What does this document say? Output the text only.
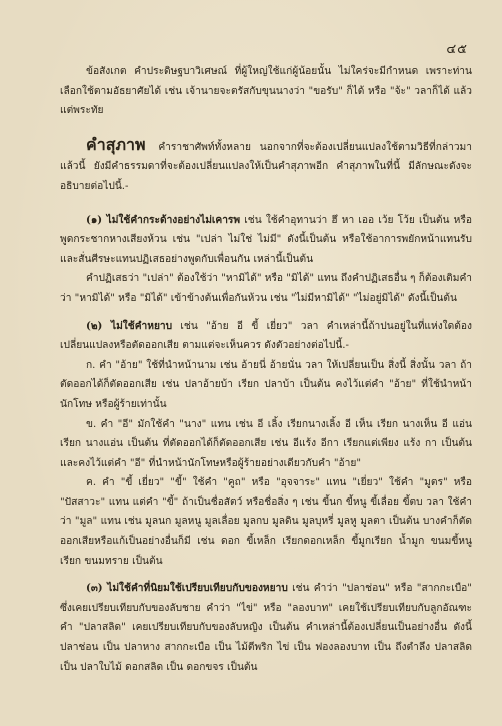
๔๕

ข้อสังเกต คำประดิษฐบาวิเศษณ์ ที่ผู้ใหญ่ใช้แก่ผู้น้อยนั้น ไม่ใคร่จะมีกำหนด เพราะท่านเลือกใช้ตามอัธยาศัยได้ เช่น เจ้านายจะตรัสกับขุนนางว่า "ขอรับ" ก็ได้ หรือ "จ้ะ" วลาก็ได้ แล้วแต่พระทัย

คำสุภาพ คำราชาศัพท์ทั้งหลาย นอกจากที่จะต้องเปลี่ยนแปลงใช้ตามวิธีที่กล่าวมาแล้วนี้ ยังมีคำธรรมดาที่จะต้องเปลี่ยนแปลงให้เป็นคำสุภาพอีก คำสุภาพในที่นี้ มีลักษณะดังจะอธิบายต่อไปนี้.-

(๑) ไม่ใช้คำกระด้างอย่างไม่เคารพ เช่น ใช้คำอุทานว่า ฮึ หา เออ เว้ย โว้ย เป็นต้น หรือพูดกระชากหางเสียงห้วน เช่น "เปล่า ไม่ใช่ ไม่มี" ดังนี้เป็นต้น หรือใช้อาการพยักหน้าแทนรับ และสั่นศีรษะแทนปฏิเสธอย่างพูดกับเพื่อนกัน เหล่านี้เป็นต้น

คำปฏิเสธว่า "เปล่า" ต้องใช้ว่า "หามิได้" หรือ "มิได้" แทน ถึงคำปฏิเสธอื่น ๆ ก็ต้องเติมคำว่า "หามิได้" หรือ "มิได้" เข้าข้างต้นเพื่อกันห้วน เช่น "ไม่มีหามิได้" "ไม่อยู่มิได้" ดังนี้เป็นต้น

(๒) ไม่ใช้คำหยาบ เช่น "อ้าย อี ขี้ เยี่ยว" วลา คำเหล่านี้ถ้าปนอยู่ในที่แห่งใดต้องเปลี่ยนแปลงหรือตัดออกเสีย ตามแต่จะเห็นควร ดังตัวอย่างต่อไปนี้.-

ก. คำ "อ้าย" ใช้ที่นำหน้านาม เช่น อ้ายนี่ อ้ายนั่น วลา ให้เปลี่ยนเป็น สิ่งนี้ สิ่งนั้น วลา ถ้าตัดออกได้ก็ตัดออกเสีย เช่น ปลาอ้ายบ้า เรียก ปลาบ้า เป็นต้น คงไว้แต่คำ "อ้าย" ที่ใช้นำหน้านักโทษ หรือผู้ร้ายเท่านั้น

ข. คำ "อี" มักใช้คำ "นาง" แทน เช่น อี เลิ้ง เรียกนางเลิ้ง อี เห็น เรียก นางเห็น อี แอ่น เรียก นางแอ่น เป็นต้น ที่ตัดออกได้ก็ตัดออกเสีย เช่น อีแร้ง อีกา เรียกแต่เพียง แร้ง กา เป็นต้น และคงไว้แต่คำ "อี" ที่นำหน้านักโทษหรือผู้ร้ายอย่างเดียวกับคำ "อ้าย"

ค. คำ "ขี้ เยี่ยว" "ขี้" ใช้คำ "คูถ" หรือ "อุจจาระ" แทน "เยี่ยว" ใช้คำ "มูตร" หรือ "ปัสสาวะ" แทน แต่คำ "ขี้" ถ้าเป็นชื่อสัตว์ หรือชื่อสิ่ง ๆ เช่น ขี้นก ขี้หนู ขี้เลื่อย ขี้ตบ วลา ใช้คำว่า "มูล" แทน เช่น มูลนก มูลหนู มูลเลื่อย มูลกบ มูลดิน มูลบุหรี่ มูลหู มูลตา เป็นต้น บางคำก็ตัดออกเสียหรือแก้เป็นอย่างอื่นก็มี เช่น ดอก ขี้เหล็ก เรียกดอกเหล็ก ขี้มูกเรียก น้ำมูก ขนมขี้หนู เรียก ขนมทราย เป็นต้น

(๓) ไม่ใช้คำที่นิยมใช้เปรียบเทียบกับของหยาบ เช่น คำว่า "ปลาช่อน" หรือ "สากกะเบือ" ซึ่งเคยเปรียบเทียบกับของลับชาย คำว่า "ไข่" หรือ "ลองบาท" เคยใช้เปรียบเทียบกับลูกอัณฑะ คำ "ปลาสลิด" เคยเปรียบเทียบกับของลับหญิง เป็นต้น คำเหล่านี้ต้องเปลี่ยนเป็นอย่างอื่น ดังนี้ ปลาช่อน เป็น ปลาหาง สากกะเบือ เป็น ไม้ตีพริก ไข่ เป็น ฟองลองบาท เป็น ถึงตำลึง ปลาสลิด เป็น ปลาใบไม้ ดอกสลิด เป็น ดอกขจร เป็นต้น
